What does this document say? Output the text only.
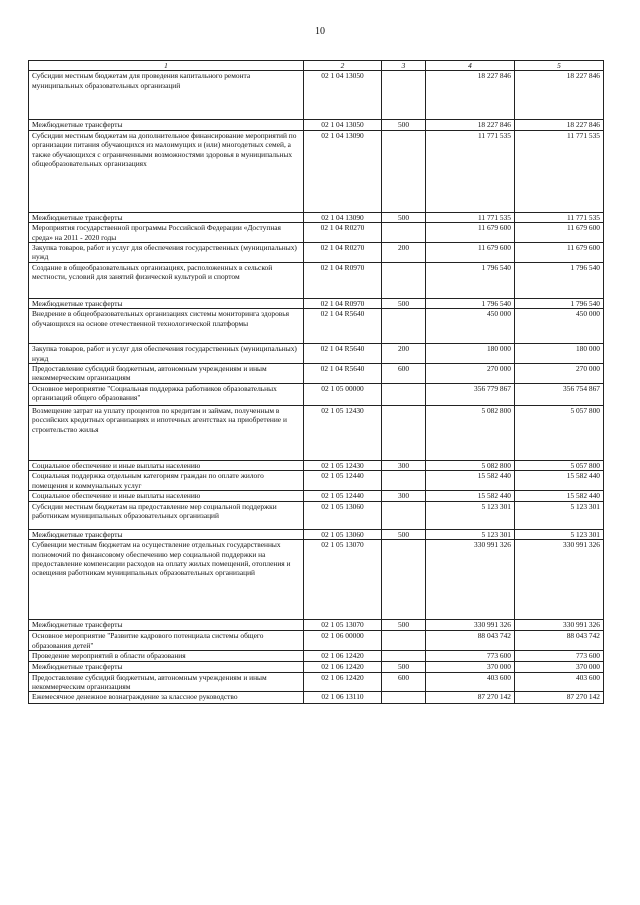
10
1	2	3	4	5
Субсидии местным бюджетам для проведения капитального ремонта муниципальных образовательных организаций	02 1 04 13050		18 227 846	18 227 846
Межбюджетные трансферты	02 1 04 13050	500	18 227 846	18 227 846
Субсидии местным бюджетам на дополнительное финансирование мероприятий по организации питания обучающихся из малоимущих и (или) многодетных семей, а также обучающихся с ограниченными возможностями здоровья в муниципальных общеобразовательных организациях	02 1 04 13090		11 771 535	11 771 535
Межбюджетные трансферты	02 1 04 13090	500	11 771 535	11 771 535
Мероприятия государственной программы Российской Федерации «Доступная среда» на 2011 - 2020 годы	02 1 04 R0270		11 679 600	11 679 600
Закупка товаров, работ и услуг для обеспечения государственных (муниципальных) нужд	02 1 04 R0270	200	11 679 600	11 679 600
Создание в общеобразовательных организациях, расположенных в сельской местности, условий для занятий физической культурой и спортом	02 1 04 R0970		1 796 540	1 796 540
Межбюджетные трансферты	02 1 04 R0970	500	1 796 540	1 796 540
Внедрение в общеобразовательных организациях системы мониторинга здоровья обучающихся на основе отечественной технологической платформы	02 1 04 R5640		450 000	450 000
Закупка товаров, работ и услуг для обеспечения государственных (муниципальных) нужд	02 1 04 R5640	200	180 000	180 000
Предоставление субсидий бюджетным, автономным учреждениям и иным некоммерческим организациям	02 1 04 R5640	600	270 000	270 000
Основное мероприятие "Социальная поддержка работников образовательных организаций общего образования"	02 1 05 00000		356 779 867	356 754 867
Возмещение затрат на уплату процентов по кредитам и займам, полученным в российских кредитных организациях и ипотечных агентствах на приобретение и строительство жилья	02 1 05 12430		5 082 800	5 057 800
Социальное обеспечение и иные выплаты населению	02 1 05 12430	300	5 082 800	5 057 800
Социальная поддержка отдельным категориям граждан по оплате жилого помещения и коммунальных услуг	02 1 05 12440		15 582 440	15 582 440
Социальное обеспечение и иные выплаты населению	02 1 05 12440	300	15 582 440	15 582 440
Субсидии местным бюджетам на предоставление мер социальной поддержки работникам муниципальных образовательных организаций	02 1 05 13060		5 123 301	5 123 301
Межбюджетные трансферты	02 1 05 13060	500	5 123 301	5 123 301
Субвенции местным бюджетам на осуществление отдельных государственных полномочий по финансовому обеспечению мер социальной поддержки на предоставление компенсации расходов на оплату жилых помещений, отопления и освещения работникам муниципальных образовательных организаций	02 1 05 13070		330 991 326	330 991 326
Межбюджетные трансферты	02 1 05 13070	500	330 991 326	330 991 326
Основное мероприятие "Развитие кадрового потенциала системы общего образования детей"	02 1 06 00000		88 043 742	88 043 742
Проведение мероприятий в области образования	02 1 06 12420		773 600	773 600
Межбюджетные трансферты	02 1 06 12420	500	370 000	370 000
Предоставление субсидий бюджетным, автономным учреждениям и иным некоммерческим организациям	02 1 06 12420	600	403 600	403 600
Ежемесячное денежное вознаграждение за классное руководство	02 1 06 13110		87 270 142	87 270 142
